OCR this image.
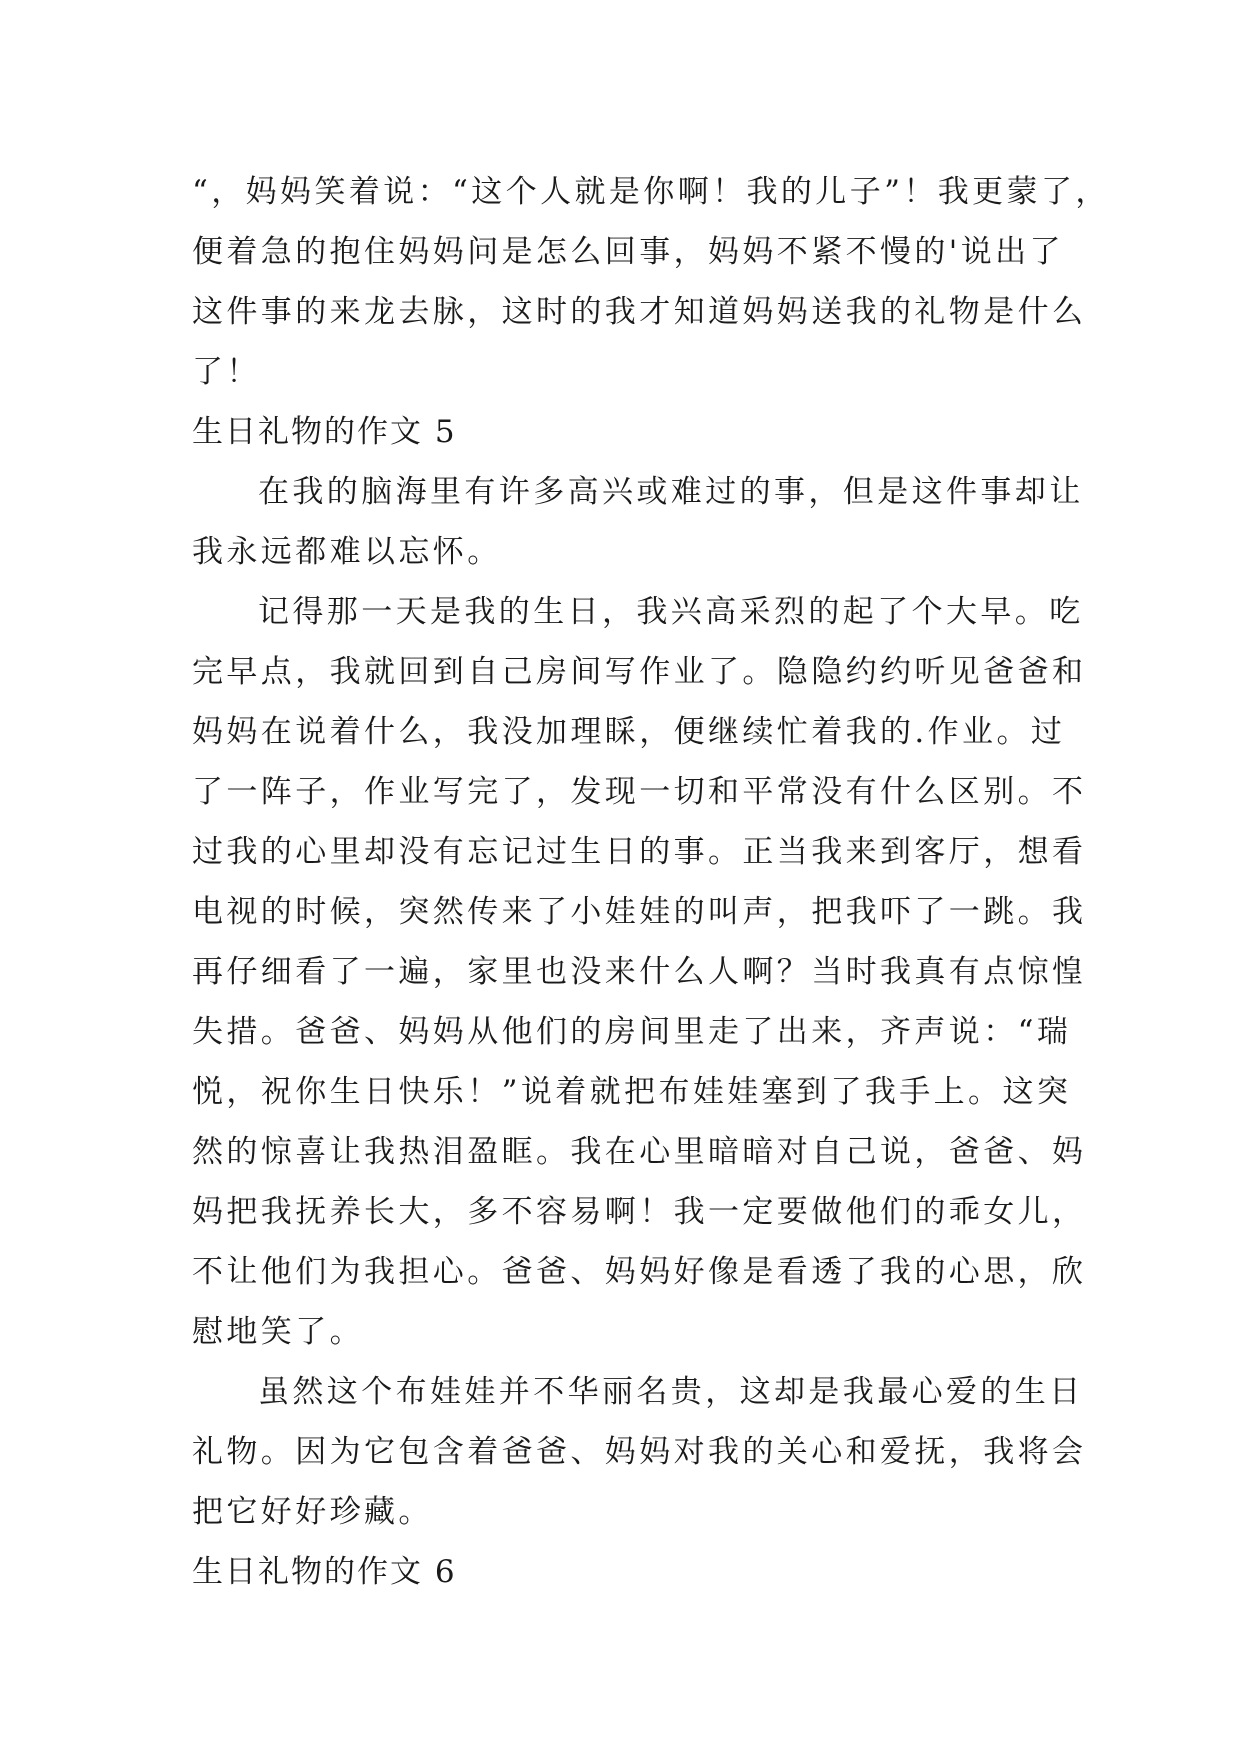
“，妈妈笑着说：“这个人就是你啊！我的儿子”！我更蒙了，
便着急的抱住妈妈问是怎么回事，妈妈不紧不慢的'说出了
这件事的来龙去脉，这时的我才知道妈妈送我的礼物是什么
了！
生日礼物的作文 5
在我的脑海里有许多高兴或难过的事，但是这件事却让
我永远都难以忘怀。
记得那一天是我的生日，我兴高采烈的起了个大早。吃
完早点，我就回到自己房间写作业了。隐隐约约听见爸爸和
妈妈在说着什么，我没加理睬，便继续忙着我的.作业。过
了一阵子，作业写完了，发现一切和平常没有什么区别。不
过我的心里却没有忘记过生日的事。正当我来到客厅，想看
电视的时候，突然传来了小娃娃的叫声，把我吓了一跳。我
再仔细看了一遍，家里也没来什么人啊？当时我真有点惊惶
失措。爸爸、妈妈从他们的房间里走了出来，齐声说：“瑞
悦，祝你生日快乐！”说着就把布娃娃塞到了我手上。这突
然的惊喜让我热泪盈眶。我在心里暗暗对自己说，爸爸、妈
妈把我抚养长大，多不容易啊！我一定要做他们的乖女儿，
不让他们为我担心。爸爸、妈妈好像是看透了我的心思，欣
慰地笑了。
虽然这个布娃娃并不华丽名贵，这却是我最心爱的生日
礼物。因为它包含着爸爸、妈妈对我的关心和爱抚，我将会
把它好好珍藏。
生日礼物的作文 6
